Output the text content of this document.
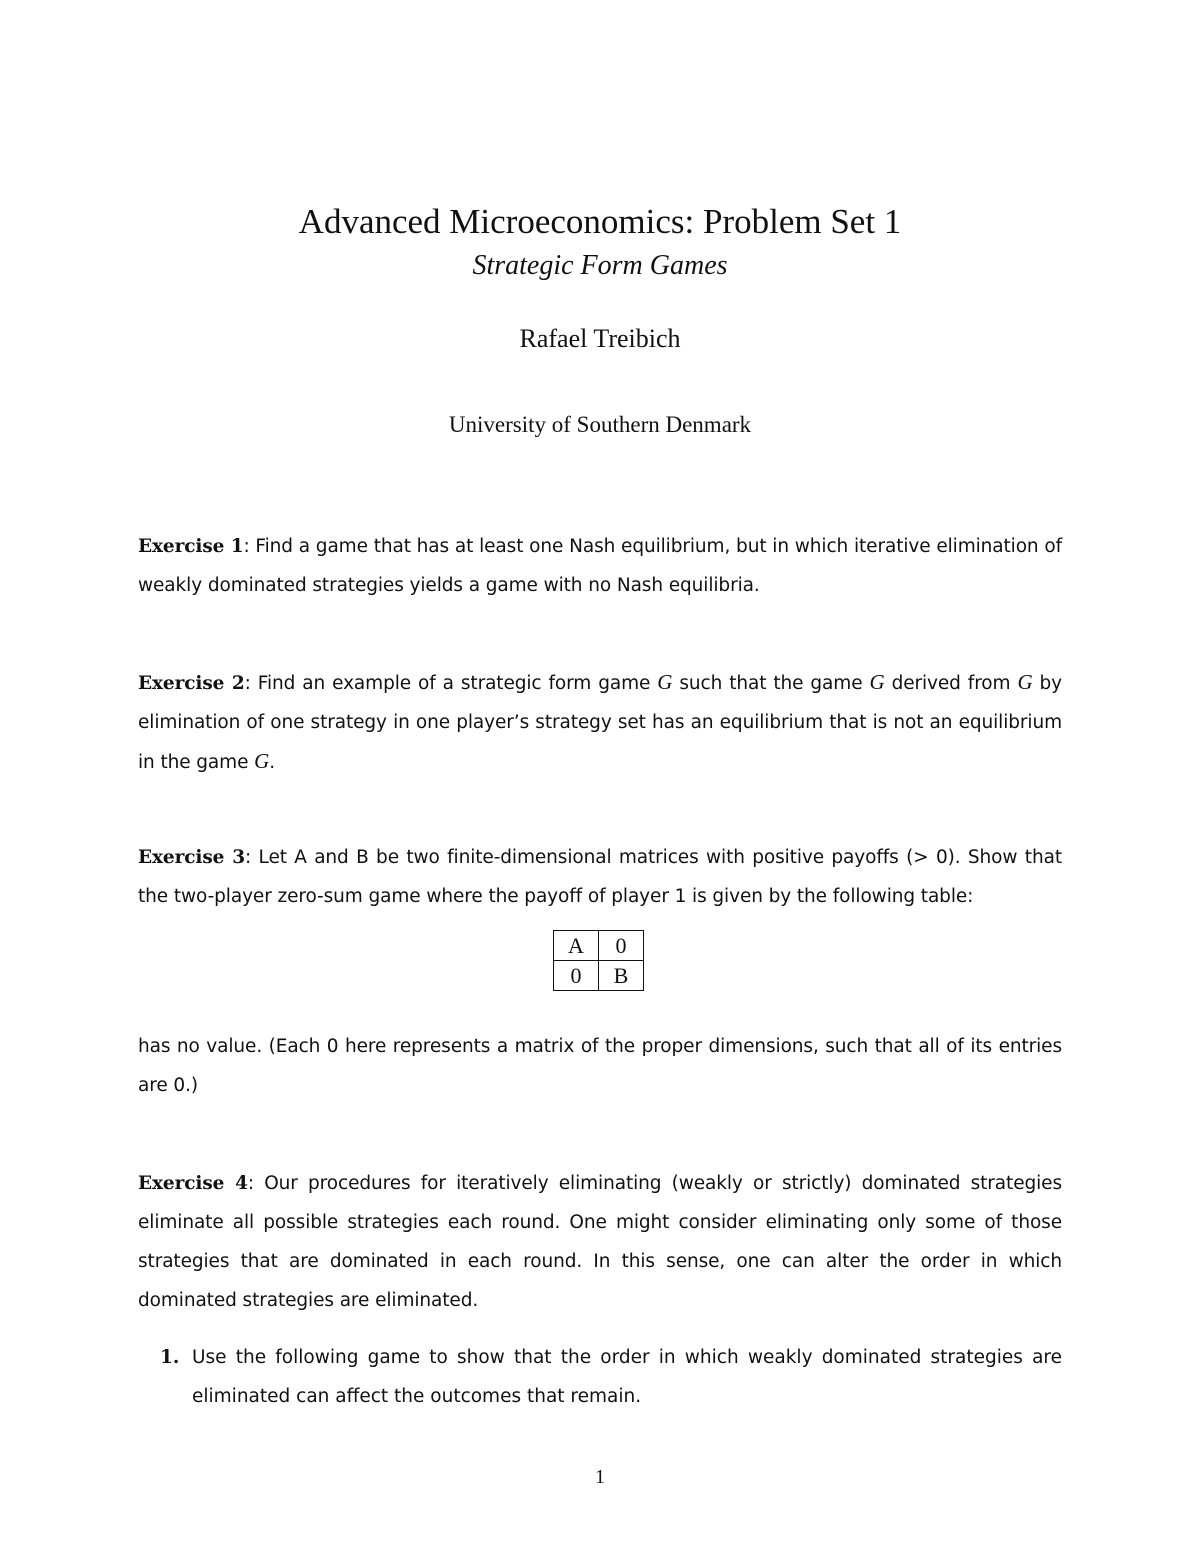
Advanced Microeconomics: Problem Set 1
Strategic Form Games
Rafael Treibich
University of Southern Denmark

Exercise 1: Find a game that has at least one Nash equilibrium, but in which iterative elimination of weakly dominated strategies yields a game with no Nash equilibria.

Exercise 2: Find an example of a strategic form game G such that the game G derived from G by elimination of one strategy in one player’s strategy set has an equilibrium that is not an equilibrium in the game G.

Exercise 3: Let A and B be two finite-dimensional matrices with positive payoffs (> 0). Show that the two-player zero-sum game where the payoff of player 1 is given by the following table:

A	0
0	B

has no value. (Each 0 here represents a matrix of the proper dimensions, such that all of its entries are 0.)

Exercise 4: Our procedures for iteratively eliminating (weakly or strictly) dominated strategies eliminate all possible strategies each round. One might consider eliminating only some of those strategies that are dominated in each round. In this sense, one can alter the order in which dominated strategies are eliminated.

1. Use the following game to show that the order in which weakly dominated strategies are eliminated can affect the outcomes that remain.
1
